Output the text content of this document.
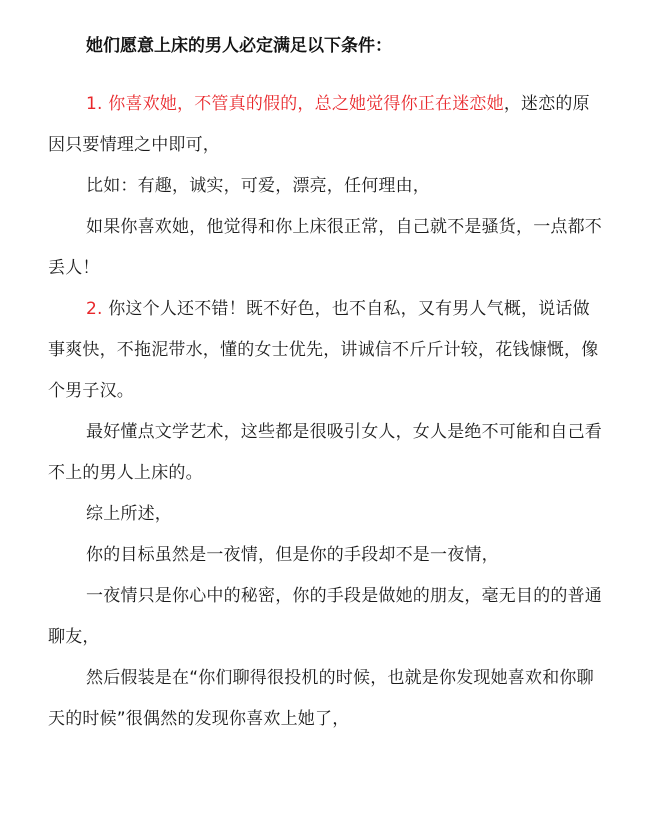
她们愿意上床的男人必定满足以下条件：

1. 你喜欢她，不管真的假的，总之她觉得你正在迷恋她，迷恋的原因只要情理之中即可，

比如：有趣，诚实，可爱，漂亮，任何理由，

如果你喜欢她，他觉得和你上床很正常，自己就不是骚货，一点都不丢人！

2. 你这个人还不错！既不好色，也不自私，又有男人气概，说话做事爽快，不拖泥带水，懂的女士优先，讲诚信不斤斤计较，花钱慷慨，像个男子汉。

最好懂点文学艺术，这些都是很吸引女人，女人是绝不可能和自己看不上的男人上床的。

综上所述，

你的目标虽然是一夜情，但是你的手段却不是一夜情，

一夜情只是你心中的秘密，你的手段是做她的朋友，毫无目的的普通聊友，

然后假装是在“你们聊得很投机的时候，也就是你发现她喜欢和你聊天的时候”很偶然的发现你喜欢上她了，
